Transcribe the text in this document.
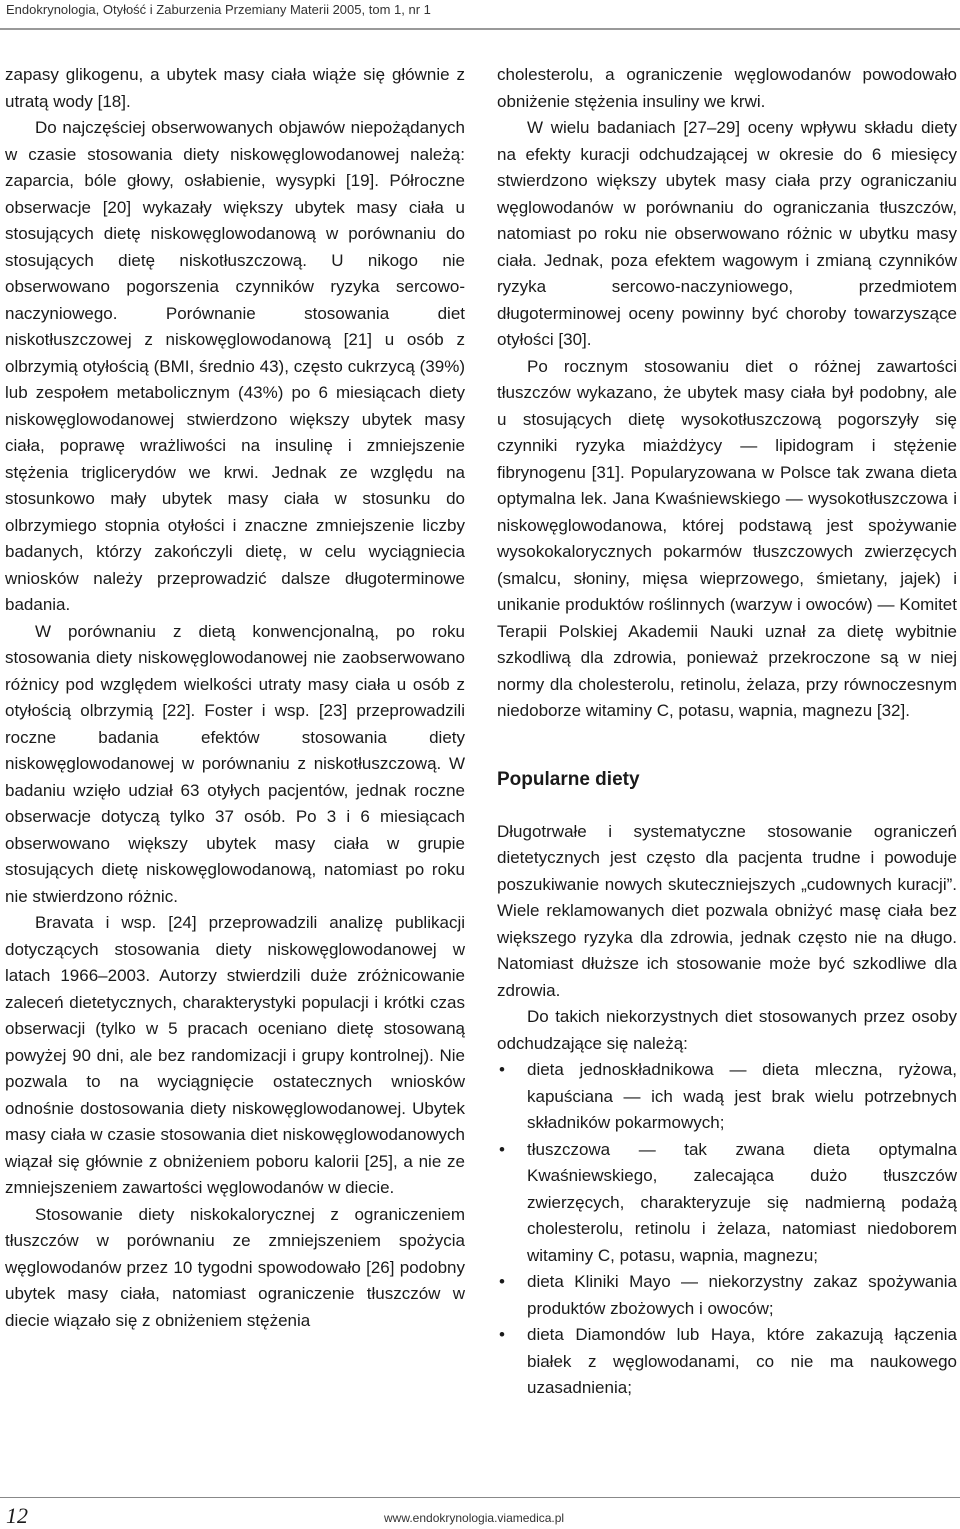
Endokrynologia, Otyłość i Zaburzenia Przemiany Materii 2005, tom 1, nr 1

zapasy glikogenu, a ubytek masy ciała wiąże się głównie z utratą wody [18].

Do najczęściej obserwowanych objawów niepożądanych w czasie stosowania diety niskowęglowodanowej należą: zaparcia, bóle głowy, osłabienie, wysypki [19]. Półroczne obserwacje [20] wykazały większy ubytek masy ciała u stosujących dietę niskowęglowodanową w porównaniu do stosujących dietę niskotłuszczową. U nikogo nie obserwowano pogorszenia czynników ryzyka sercowo-naczyniowego. Porównanie stosowania diet niskotłuszczowej z niskowęglowodanową [21] u osób z olbrzymią otyłością (BMI, średnio 43), często cukrzycą (39%) lub zespołem metabolicznym (43%) po 6 miesiącach diety niskowęglowodanowej stwierdzono większy ubytek masy ciała, poprawę wrażliwości na insulinę i zmniejszenie stężenia triglicerydów we krwi. Jednak ze względu na stosunkowo mały ubytek masy ciała w stosunku do olbrzymiego stopnia otyłości i znaczne zmniejszenie liczby badanych, którzy zakończyli dietę, w celu wyciągniecia wniosków należy przeprowadzić dalsze długoterminowe badania.

W porównaniu z dietą konwencjonalną, po roku stosowania diety niskowęglowodanowej nie zaobserwowano różnicy pod względem wielkości utraty masy ciała u osób z otyłością olbrzymią [22]. Foster i wsp. [23] przeprowadzili roczne badania efektów stosowania diety niskowęglowodanowej w porównaniu z niskotłuszczową. W badaniu wzięło udział 63 otyłych pacjentów, jednak roczne obserwacje dotyczą tylko 37 osób. Po 3 i 6 miesiącach obserwowano większy ubytek masy ciała w grupie stosujących dietę niskowęglowodanową, natomiast po roku nie stwierdzono różnic.

Bravata i wsp. [24] przeprowadzili analizę publikacji dotyczących stosowania diety niskowęglowodanowej w latach 1966–2003. Autorzy stwierdzili duże zróżnicowanie zaleceń dietetycznych, charakterystyki populacji i krótki czas obserwacji (tylko w 5 pracach oceniano dietę stosowaną powyżej 90 dni, ale bez randomizacji i grupy kontrolnej). Nie pozwala to na wyciągnięcie ostatecznych wniosków odnośnie dostosowania diety niskowęglowodanowej. Ubytek masy ciała w czasie stosowania diet niskowęglowodanowych wiązał się głównie z obniżeniem poboru kalorii [25], a nie ze zmniejszeniem zawartości węglowodanów w diecie.

Stosowanie diety niskokalorycznej z ograniczeniem tłuszczów w porównaniu ze zmniejszeniem spożycia węglowodanów przez 10 tygodni spowodowało [26] podobny ubytek masy ciała, natomiast ograniczenie tłuszczów w diecie wiązało się z obniżeniem stężenia

cholesterolu, a ograniczenie węglowodanów powodowało obniżenie stężenia insuliny we krwi.

W wielu badaniach [27–29] oceny wpływu składu diety na efekty kuracji odchudzającej w okresie do 6 miesięcy stwierdzono większy ubytek masy ciała przy ograniczaniu węglowodanów w porównaniu do ograniczania tłuszczów, natomiast po roku nie obserwowano różnic w ubytku masy ciała. Jednak, poza efektem wagowym i zmianą czynników ryzyka sercowo-naczyniowego, przedmiotem długoterminowej oceny powinny być choroby towarzyszące otyłości [30].

Po rocznym stosowaniu diet o różnej zawartości tłuszczów wykazano, że ubytek masy ciała był podobny, ale u stosujących dietę wysokotłuszczową pogorszyły się czynniki ryzyka miażdżycy — lipidogram i stężenie fibrynogenu [31]. Popularyzowana w Polsce tak zwana dieta optymalna lek. Jana Kwaśniewskiego — wysokotłuszczowa i niskowęglowodanowa, której podstawą jest spożywanie wysokokalorycznych pokarmów tłuszczowych zwierzęcych (smalcu, słoniny, mięsa wieprzowego, śmietany, jajek) i unikanie produktów roślinnych (warzyw i owoców) — Komitet Terapii Polskiej Akademii Nauki uznał za dietę wybitnie szkodliwą dla zdrowia, ponieważ przekroczone są w niej normy dla cholesterolu, retinolu, żelaza, przy równoczesnym niedoborze witaminy C, potasu, wapnia, magnezu [32].

Popularne diety

Długotrwałe i systematyczne stosowanie ograniczeń dietetycznych jest często dla pacjenta trudne i powoduje poszukiwanie nowych skuteczniejszych „cudownych kuracji”. Wiele reklamowanych diet pozwala obniżyć masę ciała bez większego ryzyka dla zdrowia, jednak często nie na długo. Natomiast dłuższe ich stosowanie może być szkodliwe dla zdrowia.

Do takich niekorzystnych diet stosowanych przez osoby odchudzające się należą:

•	dieta jednoskładnikowa — dieta mleczna, ryżowa, kapuściana — ich wadą jest brak wielu potrzebnych składników pokarmowych;
•	tłuszczowa — tak zwana dieta optymalna Kwaśniewskiego, zalecająca dużo tłuszczów zwierzęcych, charakteryzuje się nadmierną podażą cholesterolu, retinolu i żelaza, natomiast niedoborem witaminy C, potasu, wapnia, magnezu;
•	dieta Kliniki Mayo — niekorzystny zakaz spożywania produktów zbożowych i owoców;
•	dieta Diamondów lub Haya, które zakazują łączenia białek z węglowodanami, co nie ma naukowego uzasadnienia;
12	www.endokrynologia.viamedica.pl
